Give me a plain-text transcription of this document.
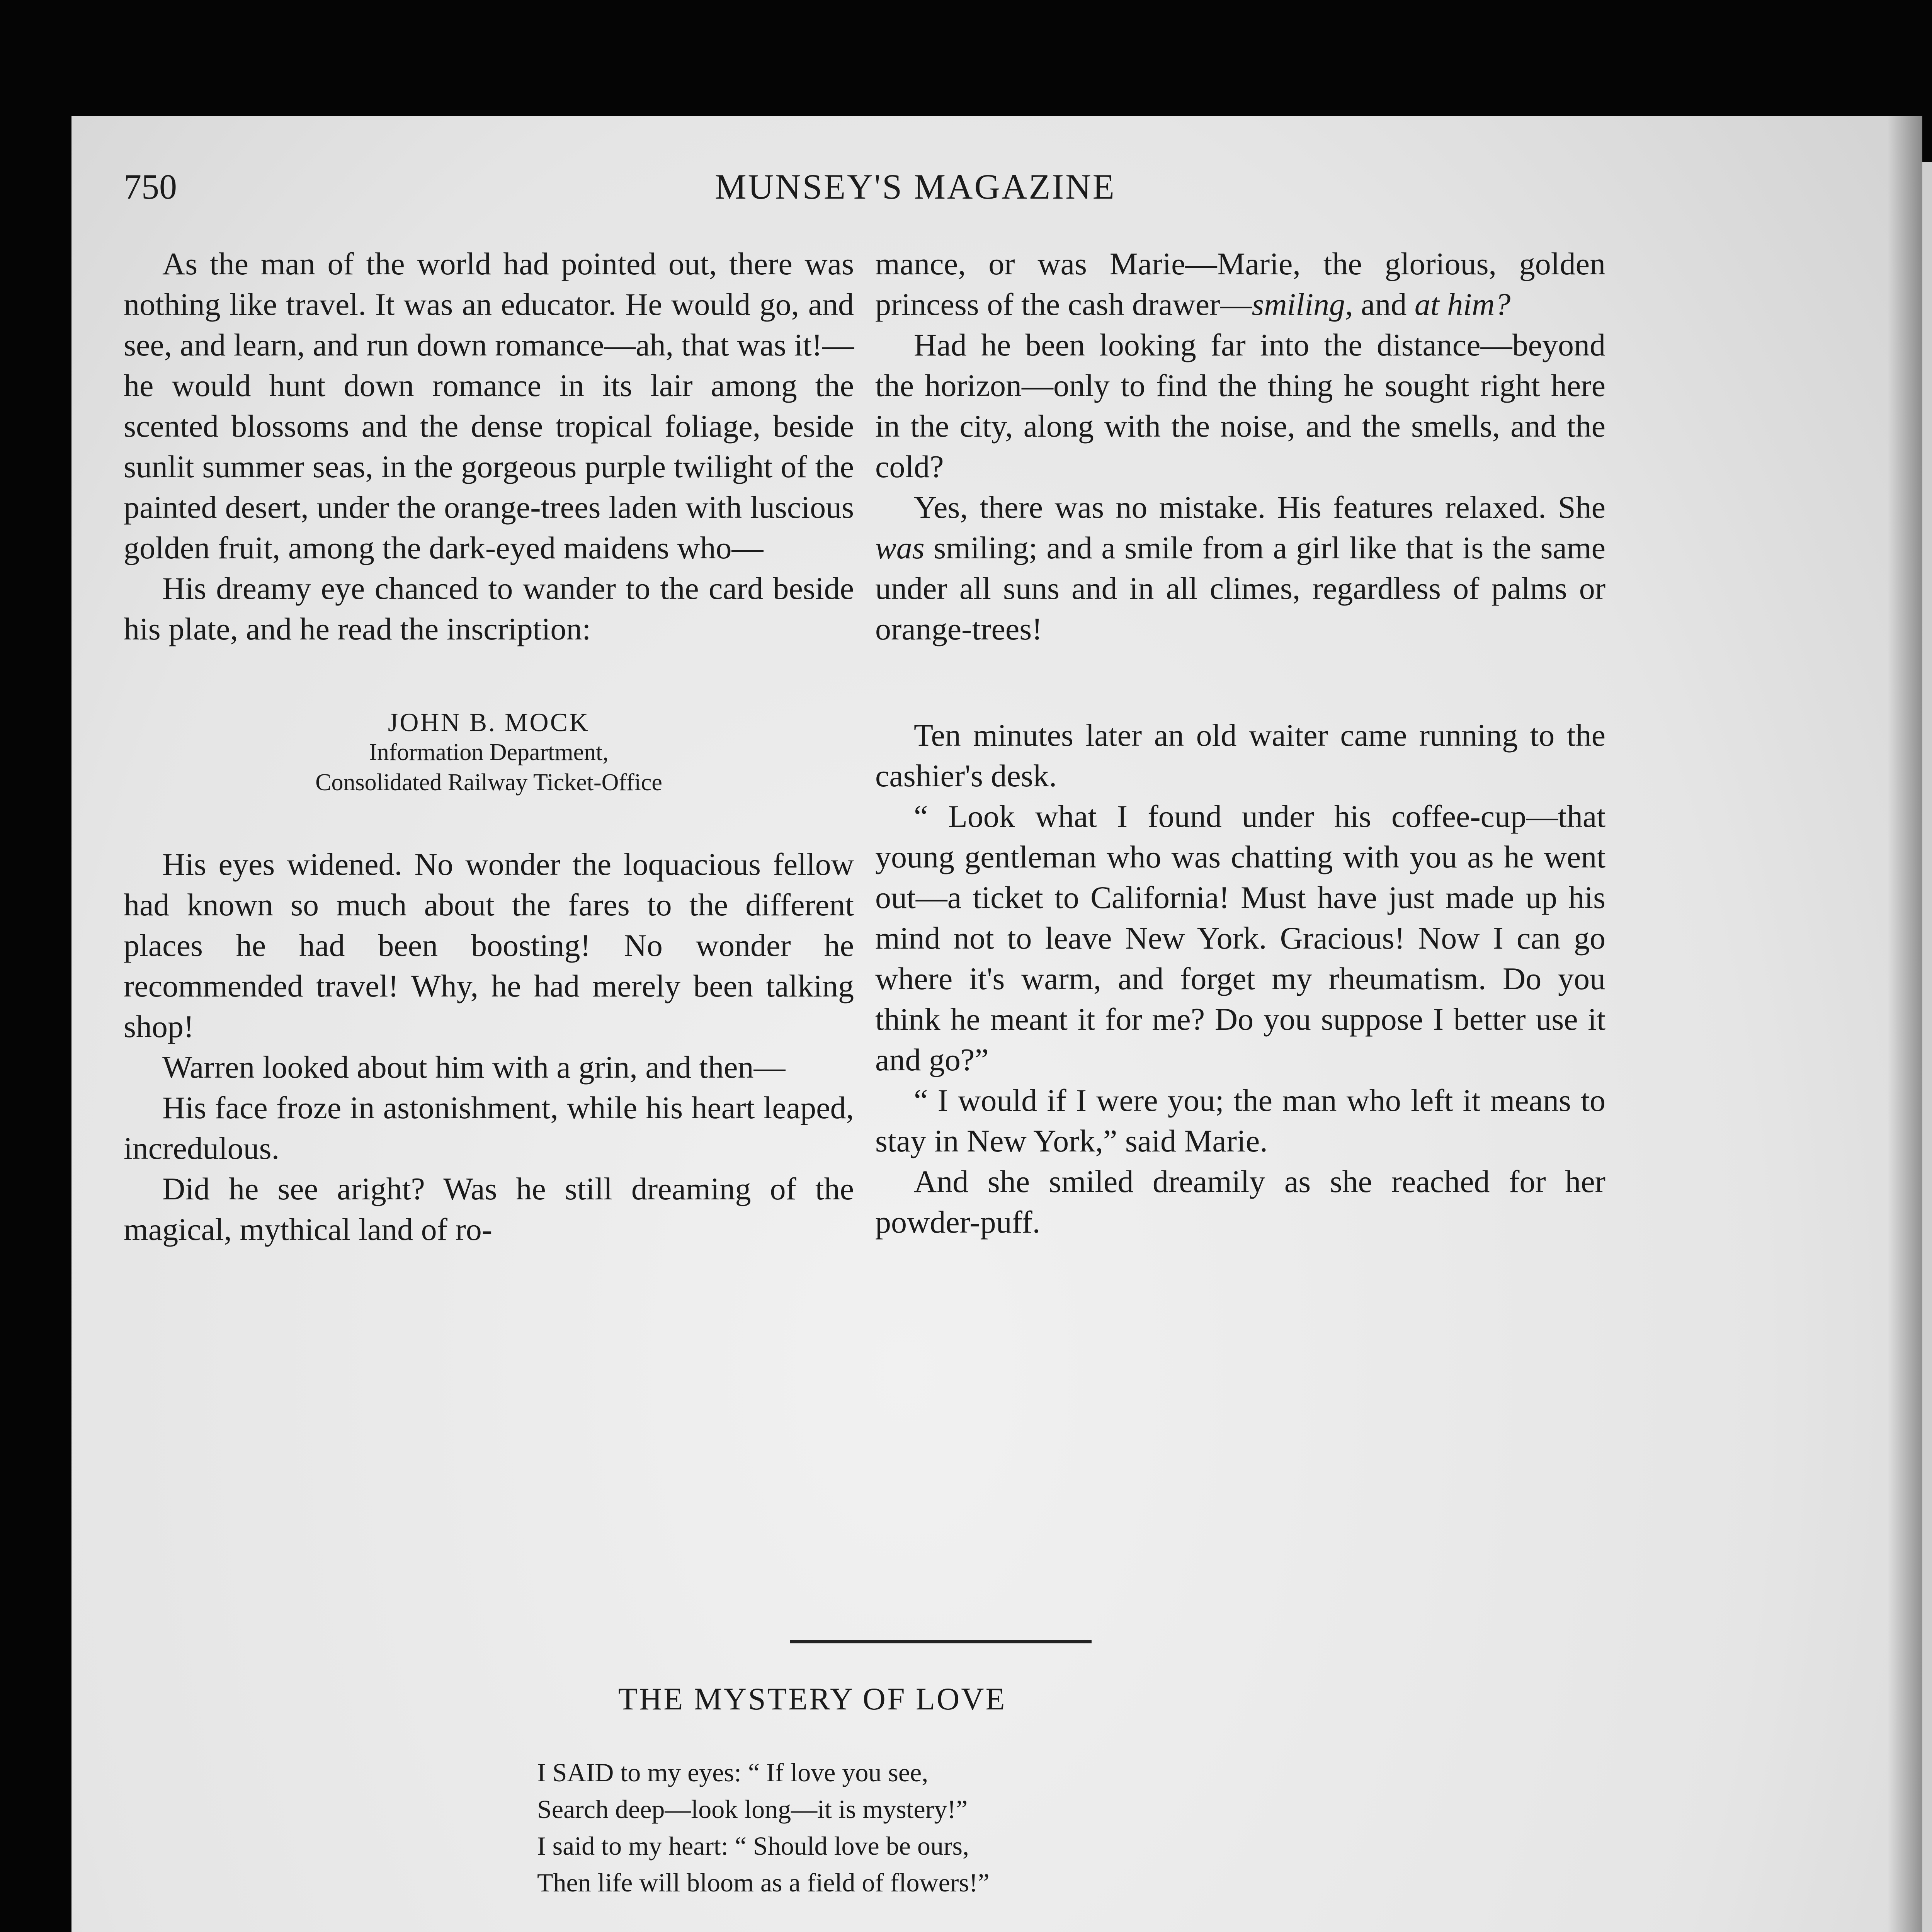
750	MUNSEY'S MAGAZINE

As the man of the world had pointed out, there was nothing like travel. It was an educator. He would go, and see, and learn, and run down romance—ah, that was it!—he would hunt down romance in its lair among the scented blossoms and the dense tropical foliage, beside sunlit summer seas, in the gorgeous purple twilight of the painted desert, under the orange-trees laden with luscious golden fruit, among the dark-eyed maidens who—

His dreamy eye chanced to wander to the card beside his plate, and he read the inscription:

JOHN B. MOCK
Information Department,
Consolidated Railway Ticket-Office

His eyes widened. No wonder the loquacious fellow had known so much about the fares to the different places he had been boosting! No wonder he recommended travel! Why, he had merely been talking shop!

Warren looked about him with a grin, and then—

His face froze in astonishment, while his heart leaped, incredulous.

Did he see aright? Was he still dreaming of the magical, mythical land of ro-

mance, or was Marie—Marie, the glorious, golden princess of the cash drawer—smiling, and at him?

Had he been looking far into the distance—beyond the horizon—only to find the thing he sought right here in the city, along with the noise, and the smells, and the cold?

Yes, there was no mistake. His features relaxed. She was smiling; and a smile from a girl like that is the same under all suns and in all climes, regardless of palms or orange-trees!

Ten minutes later an old waiter came running to the cashier's desk.

“ Look what I found under his coffee-cup—that young gentleman who was chatting with you as he went out—a ticket to California! Must have just made up his mind not to leave New York. Gracious! Now I can go where it's warm, and forget my rheumatism. Do you think he meant it for me? Do you suppose I better use it and go?”

“ I would if I were you; the man who left it means to stay in New York,” said Marie.

And she smiled dreamily as she reached for her powder-puff.

THE MYSTERY OF LOVE
I SAID to my eyes: “ If love you see,
Search deep—look long—it is mystery!”
I said to my heart: “ Should love be ours,
Then life will bloom as a field of flowers!”
